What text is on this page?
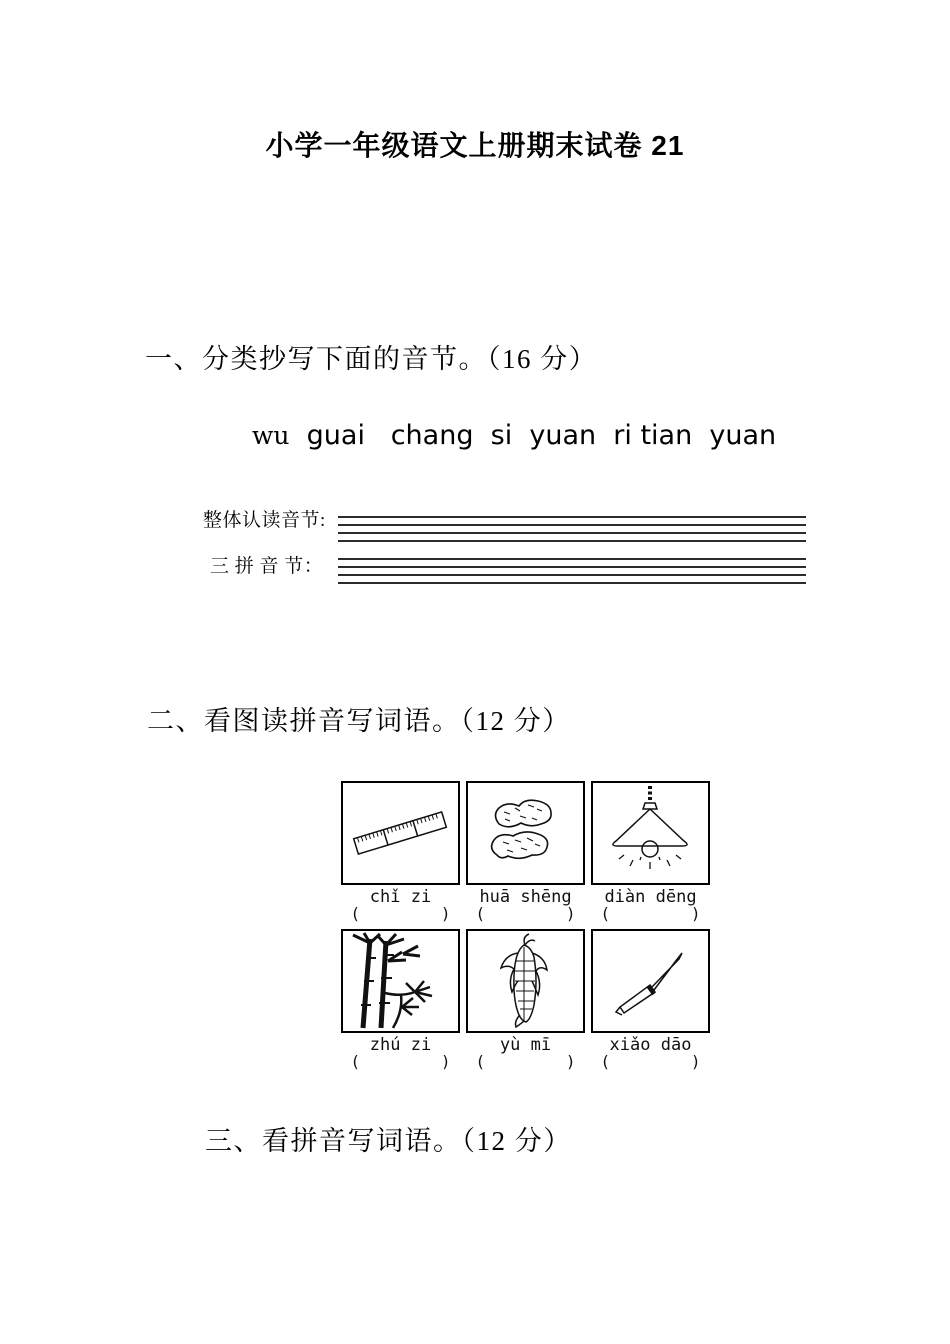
小学一年级语文上册期末试卷 21
一、分类抄写下面的音节。（16 分）
wu  guai   chang  si  yuan  ri tian  yuan
整体认读音节:
三 拼 音 节：
二、看图读拼音写词语。（12 分）
chǐ zi
(	)
huā shēng
(	)
diàn dēng
(	)
zhú zi
(	)
yù mī
(	)
xiǎo dāo
(	)
三、看拼音写词语。（12 分）
